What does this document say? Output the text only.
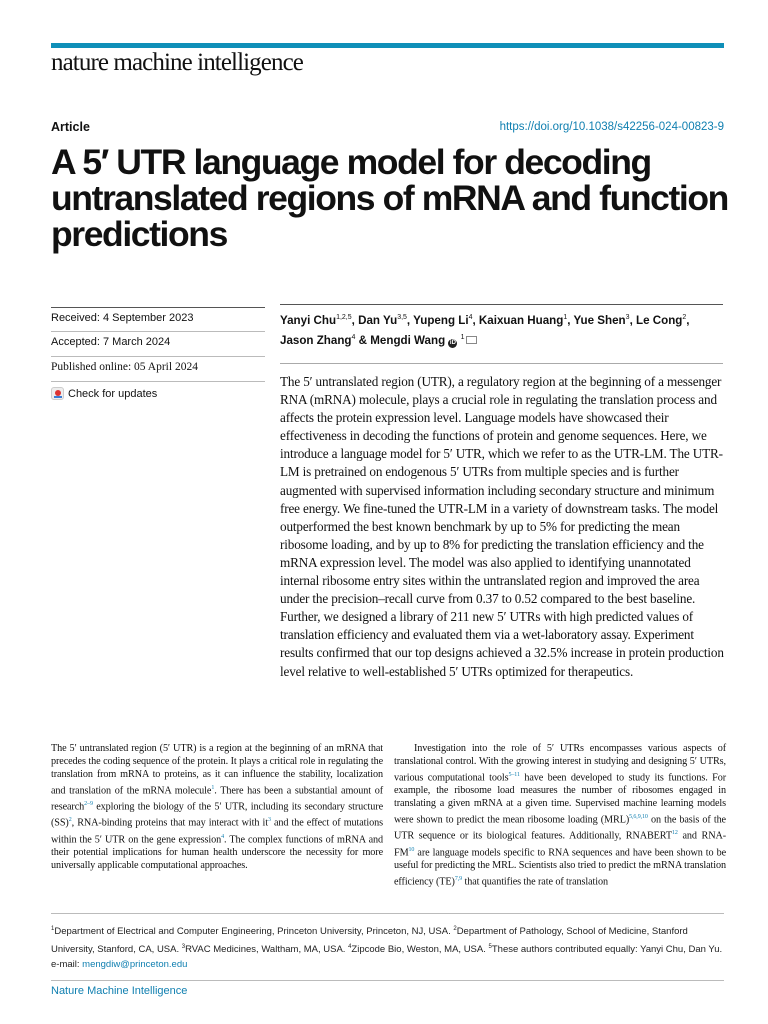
nature machine intelligence
Article	https://doi.org/10.1038/s42256-024-00823-9
A 5′ UTR language model for decoding untranslated regions of mRNA and function predictions
Received: 4 September 2023
Accepted: 7 March 2024
Published online: 05 April 2024
Check for updates
Yanyi Chu$^{1,2,5}$, Dan Yu$^{3,5}$, Yupeng Li$^4$, Kaixuan Huang$^1$, Yue Shen$^3$, Le Cong$^2$,
Jason Zhang$^4$ & Mengdi Wang iD $^1$

The 5′ untranslated region (UTR), a regulatory region at the beginning of a messenger RNA (mRNA) molecule, plays a crucial role in regulating the translation process and affects the protein expression level. Language models have showcased their effectiveness in decoding the functions of protein and genome sequences. Here, we introduce a language model for 5′ UTR, which we refer to as the UTR-LM. The UTR-LM is pretrained on endogenous 5′ UTRs from multiple species and is further augmented with supervised information including secondary structure and minimum free energy. We fine-tuned the UTR-LM in a variety of downstream tasks. The model outperformed the best known benchmark by up to 5% for predicting the mean ribosome loading, and by up to 8% for predicting the translation efficiency and the mRNA expression level. The model was also applied to identifying unannotated internal ribosome entry sites within the untranslated region and improved the area under the precision–recall curve from 0.37 to 0.52 compared to the best baseline. Further, we designed a library of 211 new 5′ UTRs with high predicted values of translation efficiency and evaluated them via a wet-laboratory assay. Experiment results confirmed that our top designs achieved a 32.5% increase in protein production level relative to well-established 5′ UTRs optimized for therapeutics.

The 5′ untranslated region (5′ UTR) is a region at the beginning of an mRNA that precedes the coding sequence of the protein. It plays a critical role in regulating the translation from mRNA to proteins, as it can influence the stability, localization and translation of the mRNA molecule$^1$. There has been a substantial amount of research$^{2-9}$ exploring the biology of the 5′ UTR, including its secondary structure (SS)$^2$, RNA-binding proteins that may interact with $it^3$ and the effect of mutations within the 5′ UTR on the gene expression$^4$. The complex functions of mRNA and their potential implications for human health underscore the necessity for more universally applicable computational approaches.

Investigation into the role of 5′ UTRs encompasses various aspects of translational control. With the growing interest in studying and designing 5′ UTRs, various computational tools$^{5-11}$ have been developed to study its functions. For example, the ribosome load measures the number of ribosomes engaged in translating a given mRNA at a given time. Supervised machine learning models were shown to predict the mean ribosome loading (MRL)$^{5,6,9,10}$ on the basis of the UTR sequence or its biological features. Additionally, RNABERT$^{12}$ and RNA-FM$^{10}$ are language models specific to RNA sequences and have been shown to be useful for predicting the MRL. Scientists also tried to predict the mRNA translation efficiency (TE)$^{7,9}$ that quantifies the rate of translation

$^1$Department of Electrical and Computer Engineering, Princeton University, Princeton, NJ, USA. $^2$Department of Pathology, School of Medicine, Stanford University, Stanford, CA, USA. $^3$RVAC Medicines, Waltham, MA, USA. $^4$Zipcode Bio, Weston, MA, USA. $^5$These authors contributed equally: Yanyi Chu, Dan Yu. e-mail: mengdiw@princeton.edu

Nature Machine Intelligence
